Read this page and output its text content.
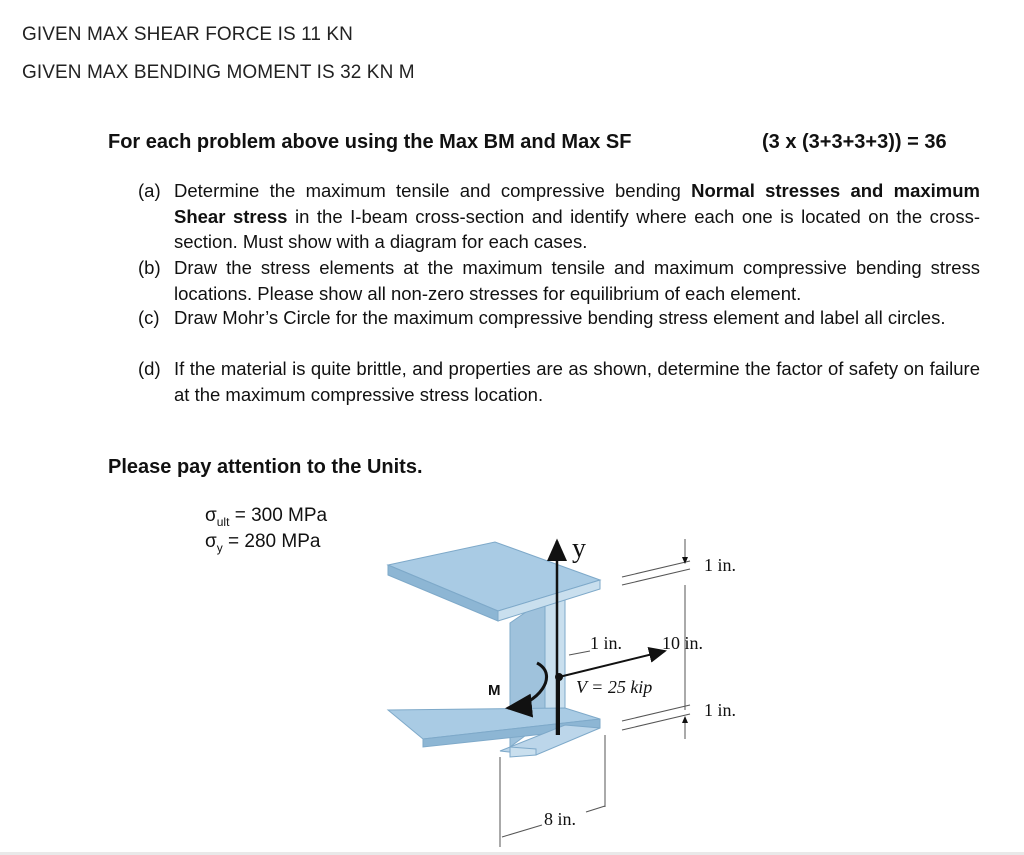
GIVEN MAX SHEAR FORCE IS 11 KN
GIVEN MAX BENDING MOMENT IS 32 KN M
For each problem above using the Max BM and Max SF	(3 x (3+3+3+3)) = 36
(a) Determine the maximum tensile and compressive bending Normal stresses and maximum Shear stress in the I-beam cross-section and identify where each one is located on the cross-section. Must show with a diagram for each cases.
(b) Draw the stress elements at the maximum tensile and maximum compressive bending stress locations. Please show all non-zero stresses for equilibrium of each element.
(c) Draw Mohr’s Circle for the maximum compressive bending stress element and label all circles.
(d) If the material is quite brittle, and properties are as shown, determine the factor of safety on failure at the maximum compressive stress location.
Please pay attention to the Units.
$\sigma_{ult} = 300$ MPa
$\sigma_y = 280$ MPa	y
M
1 in.
10 in.
1 in.
V = 25 kip
1 in.
8 in.
